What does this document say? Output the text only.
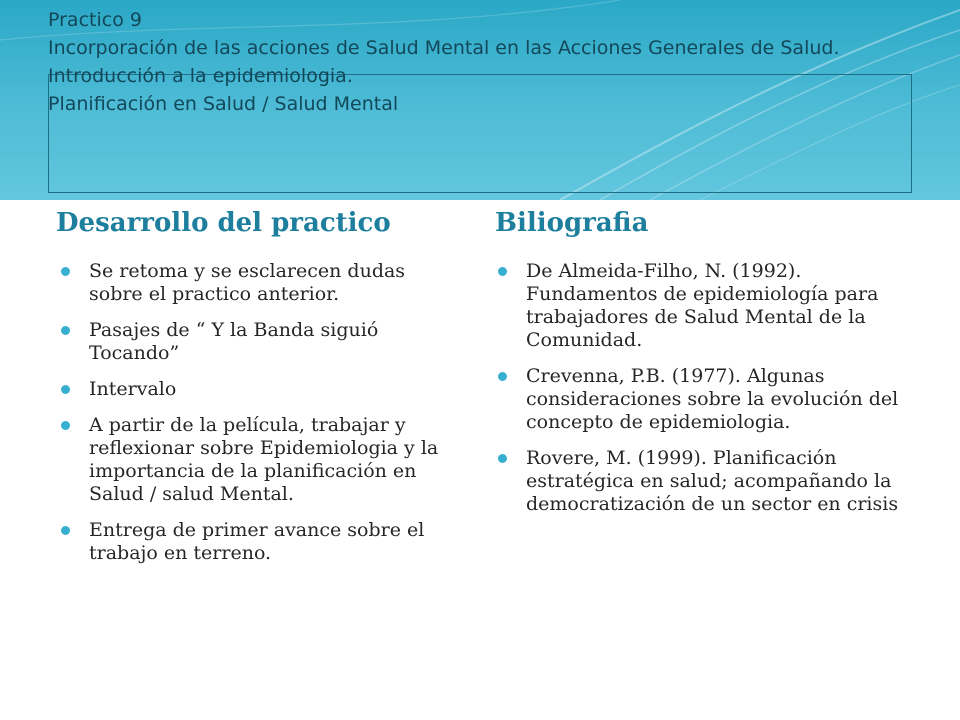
Practico 9
Incorporación de las acciones de Salud Mental en las Acciones Generales de Salud.
Introducción a la epidemiologia.
Planificación en Salud / Salud Mental
Desarrollo del practico	Biliografia
Se retoma y se esclarecen dudas sobre el practico anterior.
Pasajes de “ Y la Banda siguió Tocando”
Intervalo
A partir de la película, trabajar y reflexionar sobre Epidemiologia y la importancia de la planificación en Salud / salud Mental.
Entrega de primer avance sobre el trabajo en terreno.
De Almeida-Filho, N. (1992). Fundamentos de epidemiología para trabajadores de Salud Mental de la Comunidad.
Crevenna, P.B. (1977). Algunas consideraciones sobre la evolución del concepto de epidemiologia.
Rovere, M. (1999). Planificación estratégica en salud; acompañando la democratización de un sector en crisis
